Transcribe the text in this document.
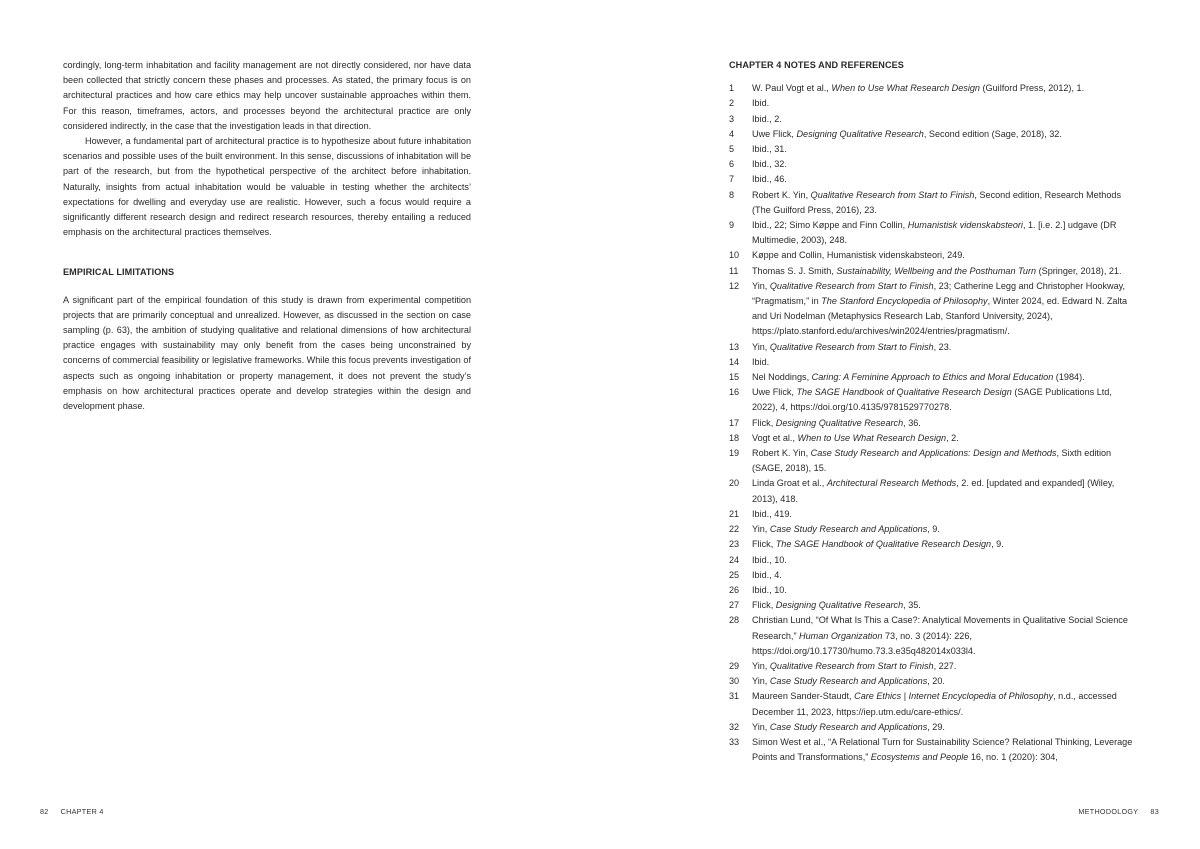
cordingly, long-term inhabitation and facility management are not directly considered, nor have data been collected that strictly concern these phases and processes. As stated, the primary focus is on architectural practices and how care ethics may help uncover sustainable approaches within them. For this reason, timeframes, actors, and processes beyond the architectural practice are only considered indirectly, in the case that the investigation leads in that direction.

However, a fundamental part of architectural practice is to hypothesize about future inhabitation scenarios and possible uses of the built environment. In this sense, discussions of inhabitation will be part of the research, but from the hypothetical perspective of the architect before inhabitation. Naturally, insights from actual inhabitation would be valuable in testing whether the architects’ expectations for dwelling and everyday use are realistic. However, such a focus would require a significantly different research design and redirect research resources, thereby entailing a reduced emphasis on the architectural practices themselves.

EMPIRICAL LIMITATIONS

A significant part of the empirical foundation of this study is drawn from experimental competition projects that are primarily conceptual and unrealized. However, as discussed in the section on case sampling (p. 63), the ambition of studying qualitative and relational dimensions of how architectural practice engages with sustainability may only benefit from the cases being unconstrained by concerns of commercial feasibility or legislative frameworks. While this focus prevents investigation of aspects such as ongoing inhabitation or property management, it does not prevent the study’s emphasis on how architectural practices operate and develop strategies within the design and development phase.

82 CHAPTER 4
CHAPTER 4 NOTES AND REFERENCES
1	W. Paul Vogt et al., When to Use What Research Design (Guilford Press, 2012), 1.
2	Ibid.
3	Ibid., 2.
4	Uwe Flick, Designing Qualitative Research, Second edition (Sage, 2018), 32.
5	Ibid., 31.
6	Ibid., 32.
7	Ibid., 46.
8	Robert K. Yin, Qualitative Research from Start to Finish, Second edition, Research Methods (The Guilford Press, 2016), 23.
9	Ibid., 22; Simo Køppe and Finn Collin, Humanistisk videnskabsteori, 1. [i.e. 2.] udgave (DR Multimedie, 2003), 248.
10	Køppe and Collin, Humanistisk videnskabsteori, 249.
11	Thomas S. J. Smith, Sustainability, Wellbeing and the Posthuman Turn (Springer, 2018), 21.
12	Yin, Qualitative Research from Start to Finish, 23; Catherine Legg and Christopher Hookway, “Pragmatism,” in The Stanford Encyclopedia of Philosophy, Winter 2024, ed. Edward N. Zalta and Uri Nodelman (Metaphysics Research Lab, Stanford University, 2024), https://plato.stanford.edu/archives/win2024/entries/pragmatism/.
13	Yin, Qualitative Research from Start to Finish, 23.
14	Ibid.
15	Nel Noddings, Caring: A Feminine Approach to Ethics and Moral Education (1984).
16	Uwe Flick, The SAGE Handbook of Qualitative Research Design (SAGE Publications Ltd, 2022), 4, https://doi.org/10.4135/9781529770278.
17	Flick, Designing Qualitative Research, 36.
18	Vogt et al., When to Use What Research Design, 2.
19	Robert K. Yin, Case Study Research and Applications: Design and Methods, Sixth edition (SAGE, 2018), 15.
20	Linda Groat et al., Architectural Research Methods, 2. ed. [updated and expanded] (Wiley, 2013), 418.
21	Ibid., 419.
22	Yin, Case Study Research and Applications, 9.
23	Flick, The SAGE Handbook of Qualitative Research Design, 9.
24	Ibid., 10.
25	Ibid., 4.
26	Ibid., 10.
27	Flick, Designing Qualitative Research, 35.
28	Christian Lund, “Of What Is This a Case?: Analytical Movements in Qualitative Social Science Research,” Human Organization 73, no. 3 (2014): 226, https://doi.org/10.17730/humo.73.3.e35q482014x033l4.
29	Yin, Qualitative Research from Start to Finish, 227.
30	Yin, Case Study Research and Applications, 20.
31	Maureen Sander-Staudt, Care Ethics | Internet Encyclopedia of Philosophy, n.d., accessed December 11, 2023, https://iep.utm.edu/care-ethics/.
32	Yin, Case Study Research and Applications, 29.
33	Simon West et al., “A Relational Turn for Sustainability Science? Relational Thinking, Leverage Points and Transformations,” Ecosystems and People 16, no. 1 (2020): 304,
METHODOLOGY 83
